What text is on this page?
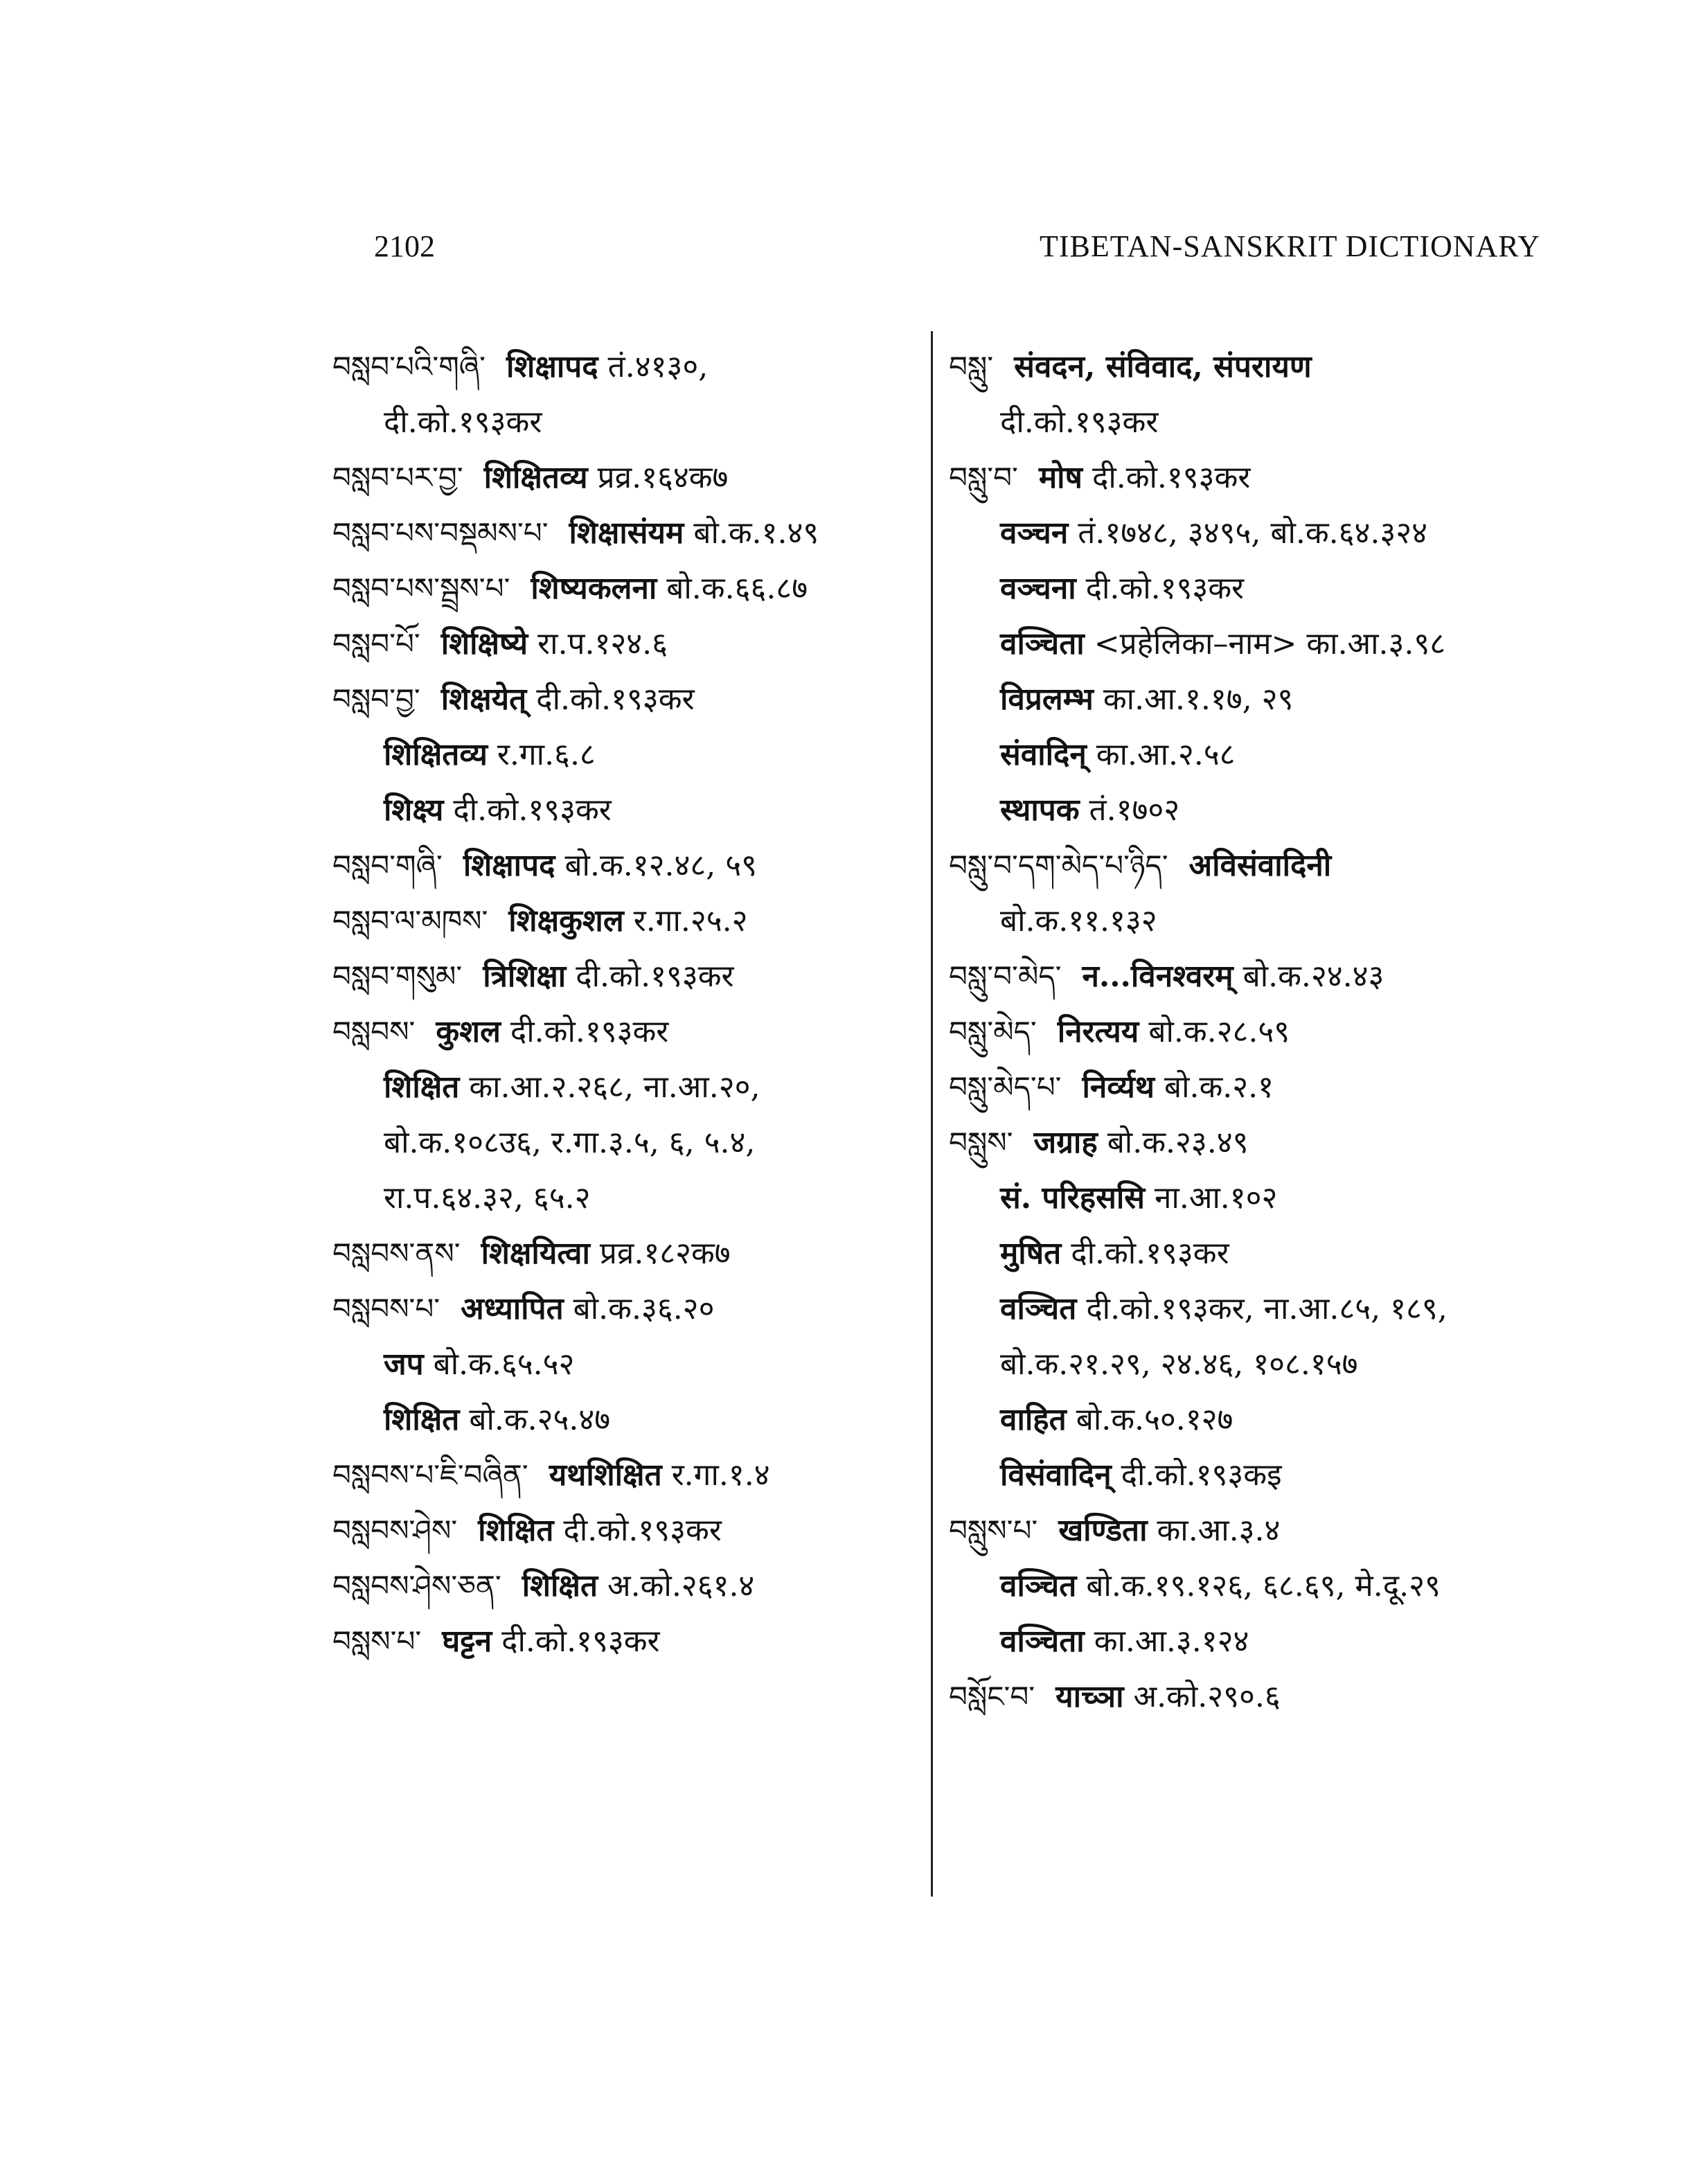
2102	TIBETAN-SANSKRIT DICTIONARY
བསླབ་པའི་གཞི་ शिक्षापद तं.४१३०,
दी.को.१९३कर
བསླབ་པར་བྱ་ शिक्षितव्य प्रव्र.१६४क७
བསླབ་པས་བསྡམས་པ་ शिक्षासंयम बो.क.१.४९
བསླབ་པས་སྦྲས་པ་ शिष्यकलना बो.क.६६.८७
བསླབ་པོ་ शिक्षिष्ये रा.प.१२४.६
བསླབ་བྱ་ शिक्षयेत् दी.को.१९३कर
शिक्षितव्य र.गा.६.८
शिक्ष्य दी.को.१९३कर
བསླབ་གཞི་ शिक्षापद बो.क.१२.४८, ५९
བསླབ་ལ་མཁས་ शिक्षकुशल र.गा.२५.२
བསླབ་གསུམ་ त्रिशिक्षा दी.को.१९३कर
བསླབས་ कुशल दी.को.१९३कर
शिक्षित का.आ.२.२६८, ना.आ.२०,
बो.क.१०८उ६, र.गा.३.५, ६, ५.४,
रा.प.६४.३२, ६५.२
བསླབས་ནས་ शिक्षयित्वा प्रव्र.१८२क७
བསླབས་པ་ अध्यापित बो.क.३६.२०
जप बो.क.६५.५२
शिक्षित बो.क.२५.४७
བསླབས་པ་ཇི་བཞིན་ यथशिक्षित र.गा.१.४
བསླབས་ཤེས་ शिक्षित दी.को.१९३कर
བསླབས་ཤེས་ཅན་ शिक्षित अ.को.२६१.४
བསླས་པ་ घट्टन दी.को.१९३कर
བསླུ་ संवदन, संविवाद, संपरायण
दी.को.१९३कर
བསླུ་བ་ मोष दी.को.१९३कर
वञ्चन तं.१७४८, ३४९५, बो.क.६४.३२४
वञ्चना दी.को.१९३कर
वञ्चिता <प्रहेलिका–नाम> का.आ.३.९८
विप्रलम्भ का.आ.१.१७, २९
संवादिन् का.आ.२.५८
स्थापक तं.१७०२
བསླུ་བ་དག་མེད་པ་ཉིད་ अविसंवादिनी
बो.क.११.१३२
བསླུ་བ་མེད་ न...विनश्वरम् बो.क.२४.४३
བསླུ་མེད་ निरत्यय बो.क.२८.५९
བསླུ་མེད་པ་ निर्व्यथ बो.क.२.१
བསླུས་ जग्राह बो.क.२३.४९
सं. परिहससि ना.आ.१०२
मुषित दी.को.१९३कर
वञ्चित दी.को.१९३कर, ना.आ.८५, १८९,
बो.क.२१.२९, २४.४६, १०८.१५७
वाहित बो.क.५०.१२७
विसंवादिन् दी.को.१९३कइ
བསླུས་པ་ खण्डिता का.आ.३.४
वञ्चित बो.क.१९.१२६, ६८.६९, मे.दू.२९
वञ्चिता का.आ.३.१२४
བསློང་བ་ याच्ञा अ.को.२९०.६
